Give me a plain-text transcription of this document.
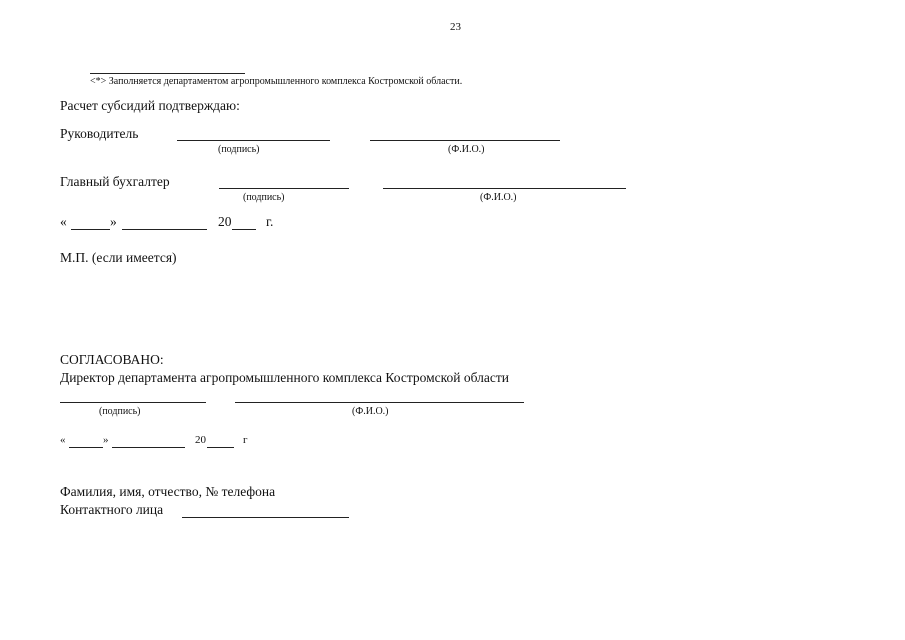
23
<*> Заполняется департаментом агропромышленного комплекса Костромской области.
Расчет субсидий подтверждаю:
Руководитель
(подпись)	(Ф.И.О.)
Главный бухгалтер
(подпись)	(Ф.И.О.)
«	»	20	г.
М.П. (если имеется)
СОГЛАСОВАНО:
Директор департамента агропромышленного комплекса Костромской области
(подпись)	(Ф.И.О.)
«	»	20	г
Фамилия, имя, отчество, № телефона
Контактного лица
